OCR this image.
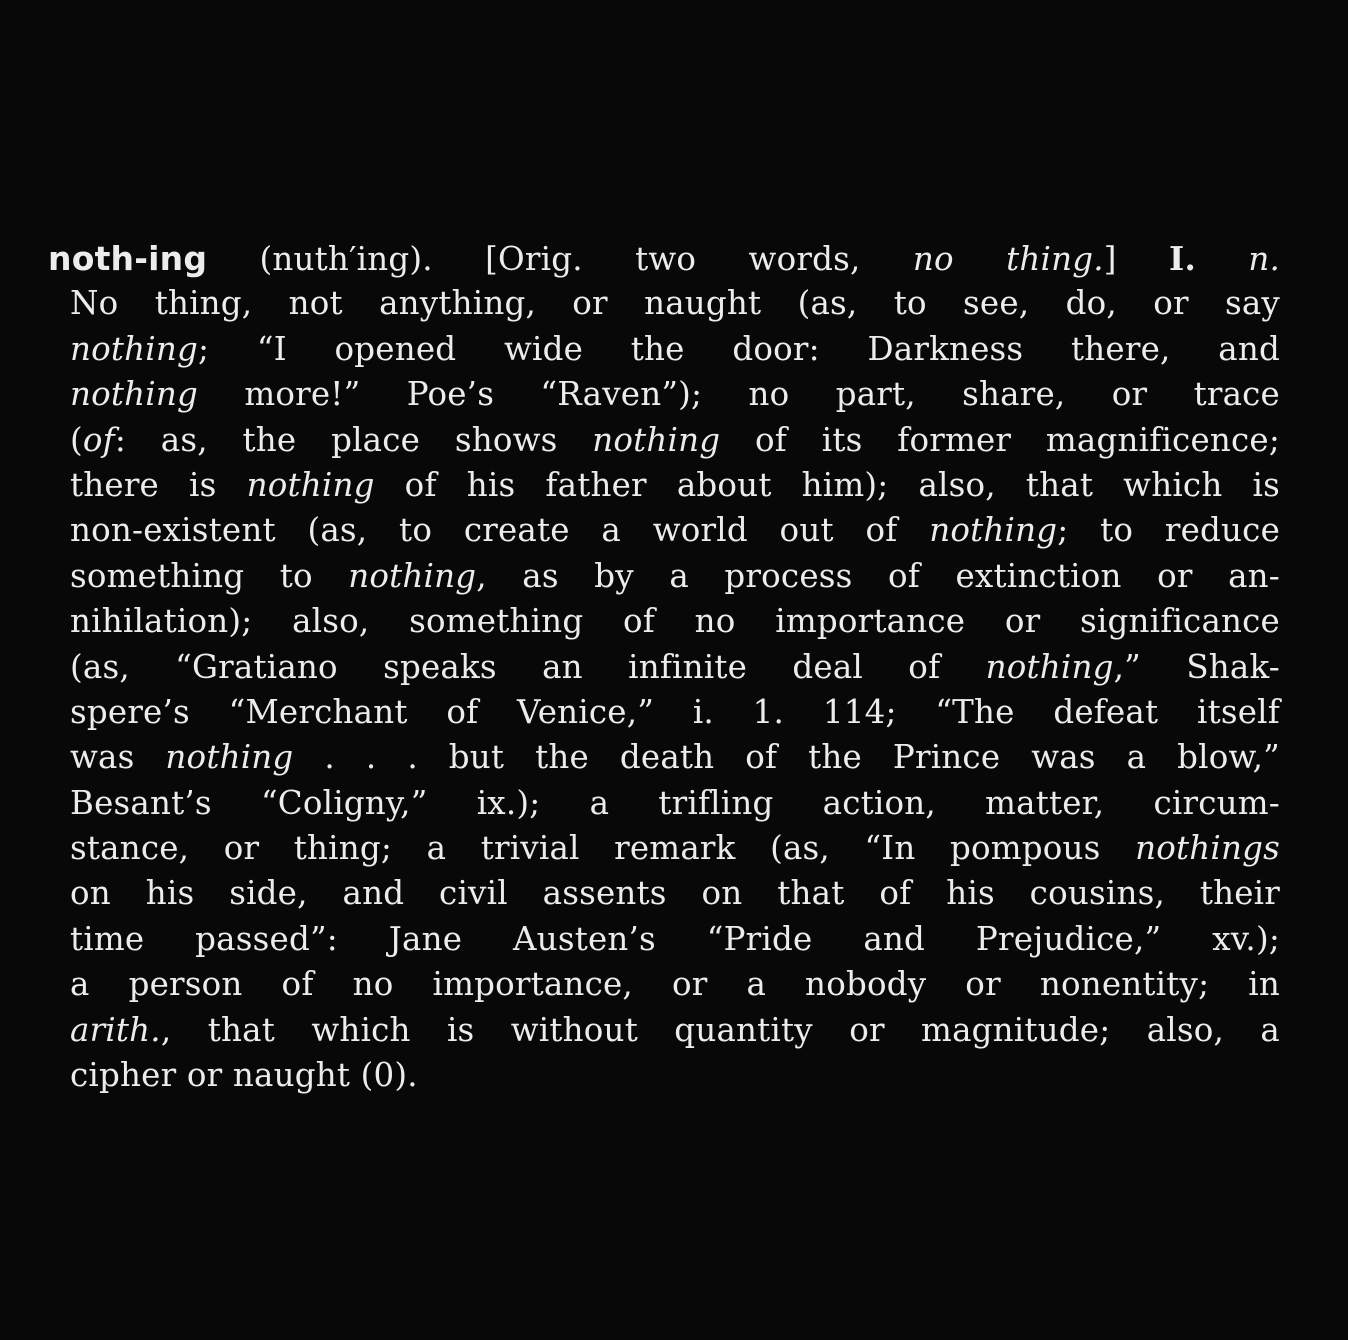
noth-ing (nuth′ing). [Orig. two words, no thing.] I. n.
No thing, not anything, or naught (as, to see, do, or say
nothing; “I opened wide the door: Darkness there, and
nothing more!” Poe’s “Raven”); no part, share, or trace
(of: as, the place shows nothing of its former magnificence;
there is nothing of his father about him); also, that which is
non-existent (as, to create a world out of nothing; to reduce
something to nothing, as by a process of extinction or an-
nihilation); also, something of no importance or significance
(as, “Gratiano speaks an infinite deal of nothing,” Shak-
spere’s “Merchant of Venice,” i. 1. 114; “The defeat itself
was nothing . . . but the death of the Prince was a blow,”
Besant’s “Coligny,” ix.); a trifling action, matter, circum-
stance, or thing; a trivial remark (as, “In pompous nothings
on his side, and civil assents on that of his cousins, their
time passed”: Jane Austen’s “Pride and Prejudice,” xv.);
a person of no importance, or a nobody or nonentity; in
arith., that which is without quantity or magnitude; also, a
cipher or naught (0).
